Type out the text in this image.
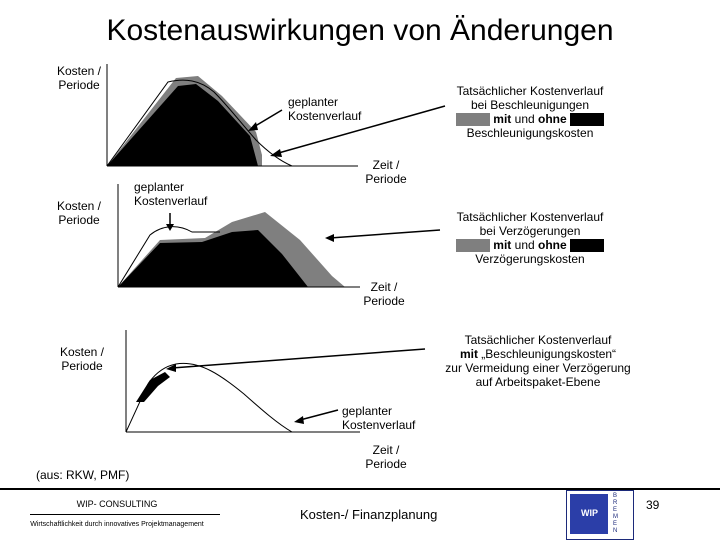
Kostenauswirkungen von Änderungen
Kosten /
Periode
geplanter
Kostenverlauf
Tatsächlicher Kostenverlauf
bei Beschleunigungen
mit und ohne
Beschleunigungskosten
Zeit /
Periode
Kosten /
Periode
geplanter
Kostenverlauf
Tatsächlicher Kostenverlauf
bei Verzögerungen
mit und ohne
Verzögerungskosten
Zeit /
Periode
Kosten /
Periode
Tatsächlicher Kostenverlauf
mit „Beschleunigungskosten“
zur Vermeidung einer Verzögerung
auf Arbeitspaket-Ebene
geplanter
Kostenverlauf
Zeit /
Periode
(aus: RKW, PMF)
WIP- CONSULTING
Wirtschaftlichkeit durch innovatives Projektmanagement
Kosten-/ Finanzplanung	WIP
BREMEN
39
